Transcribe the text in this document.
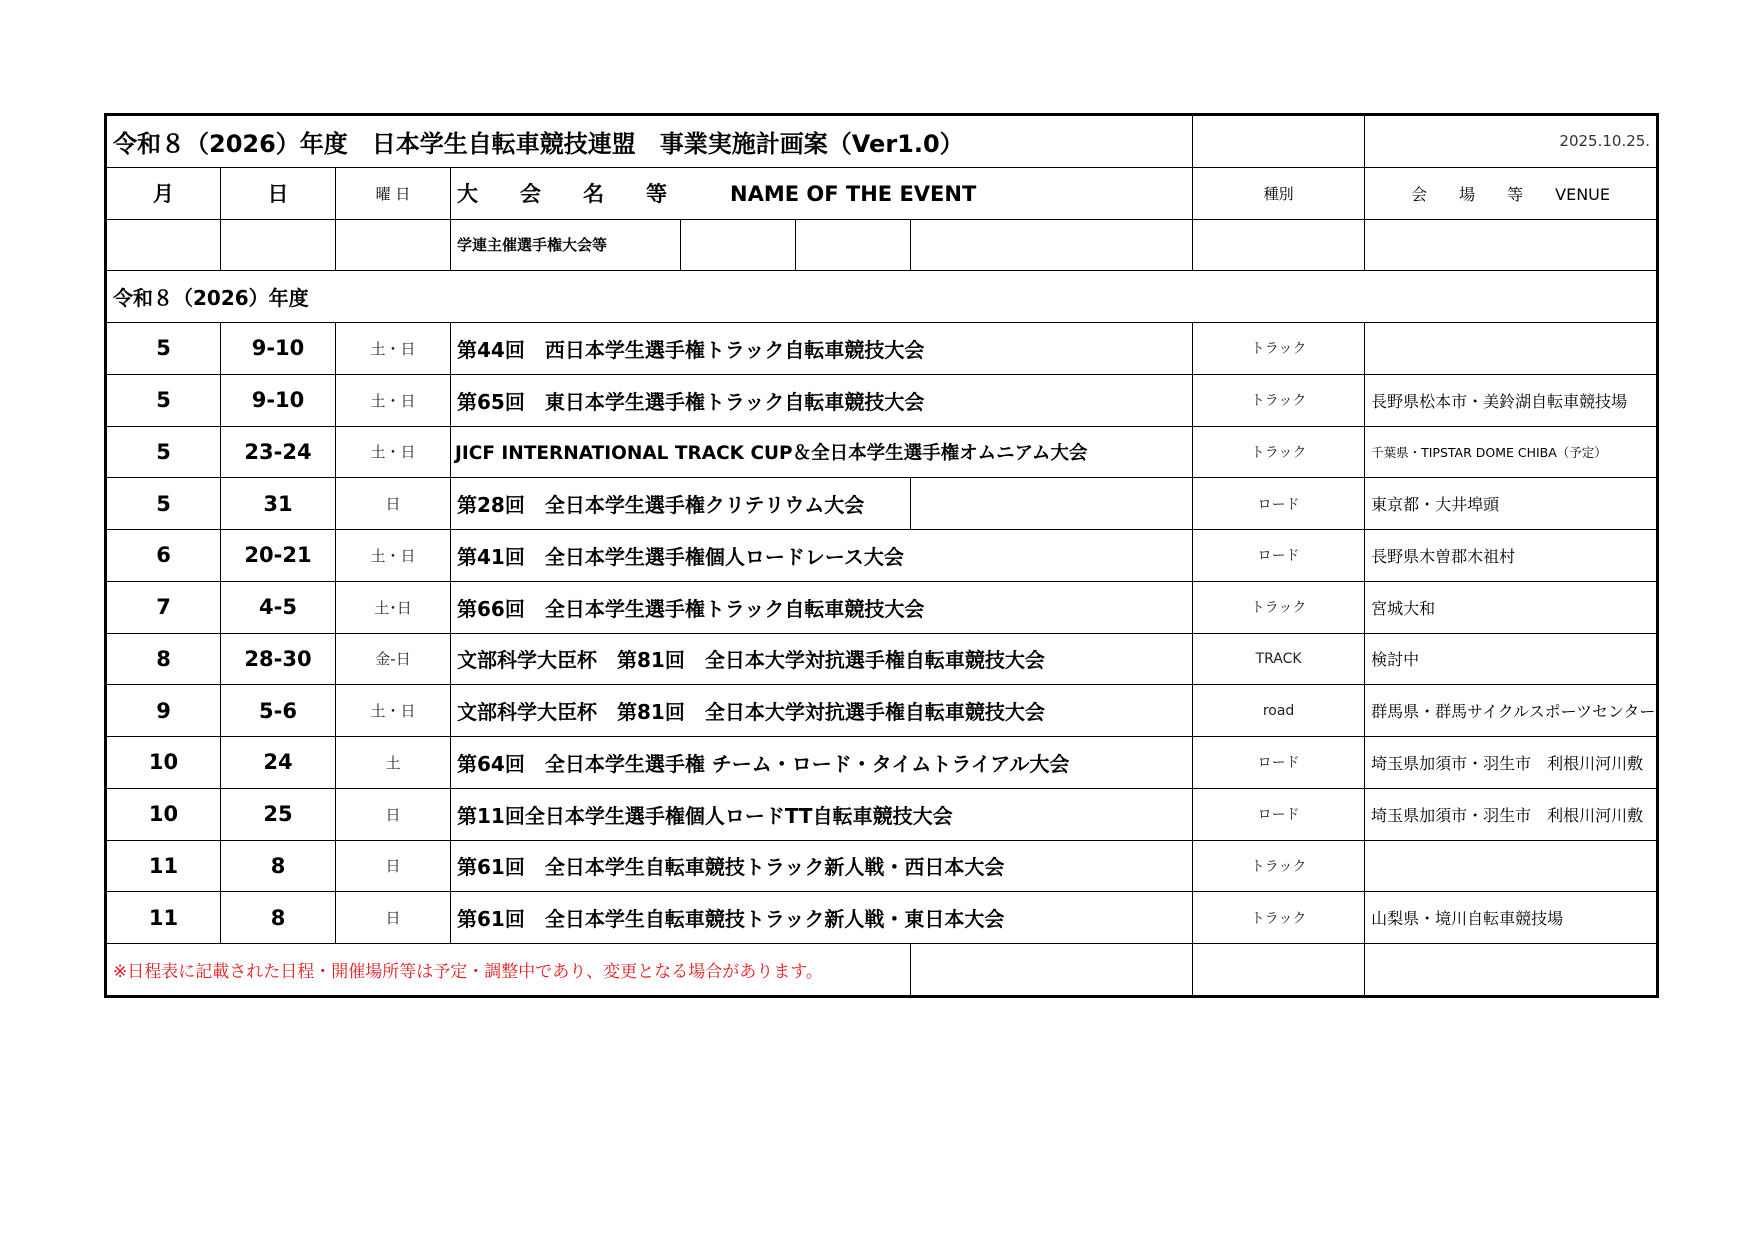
令和８（2026）年度　日本学生自転車競技連盟　事業実施計画案（Ver1.0）								2025.10.25.
月	日	曜 日	大　　会　　名　　等　　　NAME OF THE EVENT				種別	会　　場　　等　　VENUE
			学連主催選手権大会等					
令和８（2026）年度								
5	9-10	土・日	第44回　西日本学生選手権トラック自転車競技大会				トラック	
5	9-10	土・日	第65回　東日本学生選手権トラック自転車競技大会				トラック	長野県松本市・美鈴湖自転車競技場
5	23-24	土・日	JICF INTERNATIONAL TRACK CUP＆全日本学生選手権オムニアム大会				トラック	千葉県・TIPSTAR DOME CHIBA（予定）
5	31	日	第28回　全日本学生選手権クリテリウム大会				ロード	東京都・大井埠頭
6	20-21	土・日	第41回　全日本学生選手権個人ロードレース大会				ロード	長野県木曽郡木祖村
7	4-5	土･日	第66回　全日本学生選手権トラック自転車競技大会				トラック	宮城大和
8	28-30	金-日	文部科学大臣杯　第81回　全日本大学対抗選手権自転車競技大会				TRACK	検討中
9	5-6	土・日	文部科学大臣杯　第81回　全日本大学対抗選手権自転車競技大会				road	群馬県・群馬サイクルスポーツセンター
10	24	土	第64回　全日本学生選手権 チーム・ロード・タイムトライアル大会				ロード	埼玉県加須市・羽生市　利根川河川敷
10	25	日	第11回全日本学生選手権個人ロードTT自転車競技大会				ロード	埼玉県加須市・羽生市　利根川河川敷
11	8	日	第61回　全日本学生自転車競技トラック新人戦・西日本大会				トラック	
11	8	日	第61回　全日本学生自転車競技トラック新人戦・東日本大会				トラック	山梨県・境川自転車競技場
※日程表に記載された日程・開催場所等は予定・調整中であり、変更となる場合があります。								
